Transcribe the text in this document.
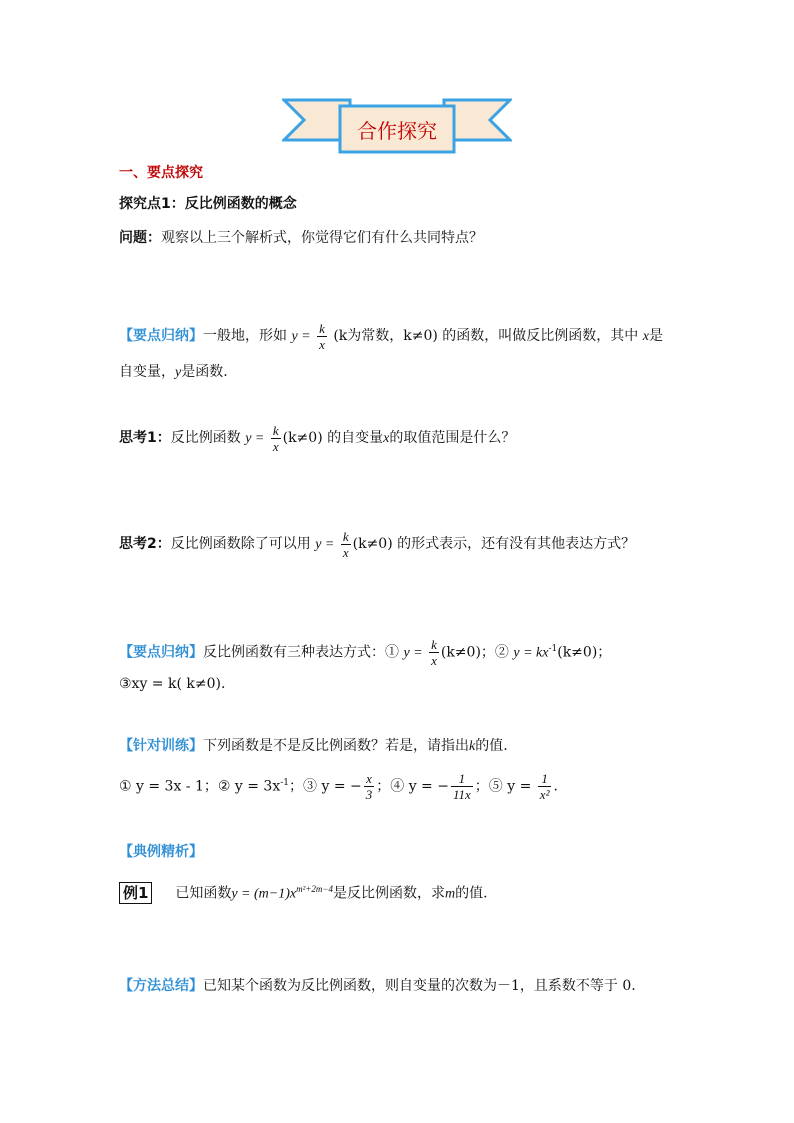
合作探究
一、要点探究
探究点1：反比例函数的概念
问题：观察以上三个解析式，你觉得它们有什么共同特点？
【要点归纳】一般地，形如 $y = \frac{k}{x} (k$为常数，k≠0) 的函数，叫做反比例函数，其中 x是
自变量，y是函数.
思考1：反比例函数 $y = \frac{k}{x} (k\ne 0)$ 的自变量x的取值范围是什么？
思考2：反比例函数除了可以用 $y = \frac{k}{x} (k\ne 0)$ 的形式表示，还有没有其他表达方式？
【要点归纳】反比例函数有三种表达方式：① $y = \frac{k}{x} (k\ne 0)$；② $y = kx^{-1}(k\ne 0)$；
③xy = k( k≠0).
【针对训练】下列函数是不是反比例函数？若是，请指出k的值.
① y = 3x - 1；② $y = 3x^{-1}$；③ y = − $\frac{x}{3}$ ；④ y = − $\frac{1}{11x}$ ；⑤ $y = \frac{1}{\text{x²}}$ .
【典例精析】
例1 已知函数$y = (m-1)x^{m^2+2m-4}$是反比例函数，求m的值.
【方法总结】已知某个函数为反比例函数，则自变量的次数为－1，且系数不等于 0.
